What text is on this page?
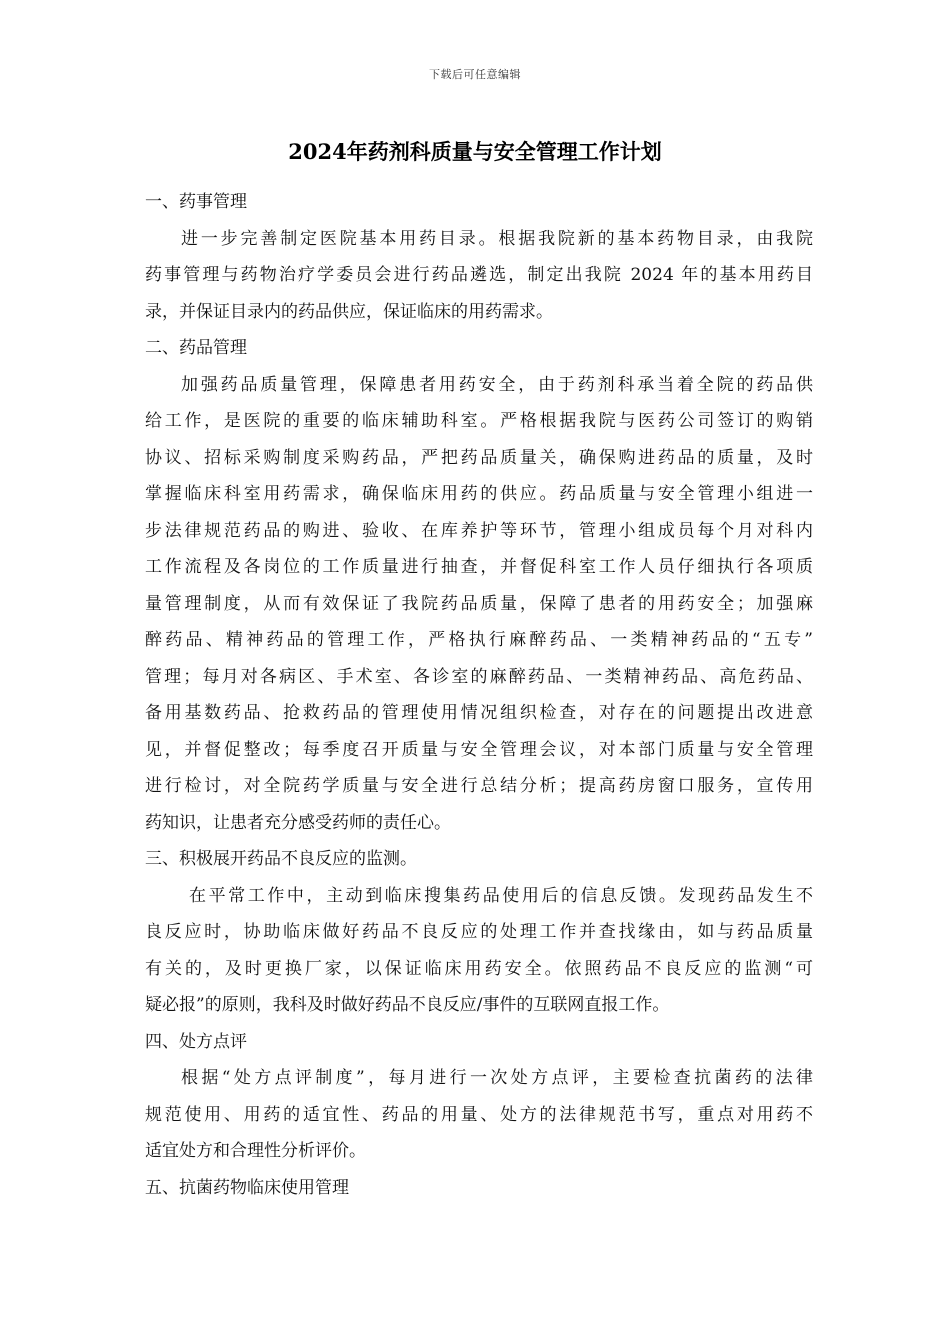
下载后可任意编辑
2024年药剂科质量与安全管理工作计划
一、药事管理
进一步完善制定医院基本用药目录。根据我院新的基本药物目录，由我院
药事管理与药物治疗学委员会进行药品遴选，制定出我院 2024 年的基本用药目
录，并保证目录内的药品供应，保证临床的用药需求。
二、药品管理
加强药品质量管理，保障患者用药安全，由于药剂科承当着全院的药品供
给工作，是医院的重要的临床辅助科室。严格根据我院与医药公司签订的购销
协议、招标采购制度采购药品，严把药品质量关，确保购进药品的质量，及时
掌握临床科室用药需求，确保临床用药的供应。药品质量与安全管理小组进一
步法律规范药品的购进、验收、在库养护等环节，管理小组成员每个月对科内
工作流程及各岗位的工作质量进行抽查，并督促科室工作人员仔细执行各项质
量管理制度，从而有效保证了我院药品质量，保障了患者的用药安全；加强麻
醉药品、精神药品的管理工作，严格执行麻醉药品、一类精神药品的“五专”
管理；每月对各病区、手术室、各诊室的麻醉药品、一类精神药品、高危药品、
备用基数药品、抢救药品的管理使用情况组织检查，对存在的问题提出改进意
见，并督促整改；每季度召开质量与安全管理会议，对本部门质量与安全管理
进行检讨，对全院药学质量与安全进行总结分析；提高药房窗口服务，宣传用
药知识，让患者充分感受药师的责任心。
三、积极展开药品不良反应的监测。
在平常工作中，主动到临床搜集药品使用后的信息反馈。发现药品发生不
良反应时，协助临床做好药品不良反应的处理工作并查找缘由，如与药品质量
有关的，及时更换厂家，以保证临床用药安全。依照药品不良反应的监测“可
疑必报”的原则，我科及时做好药品不良反应/事件的互联网直报工作。
四、处方点评
根据“处方点评制度”，每月进行一次处方点评，主要检查抗菌药的法律
规范使用、用药的适宜性、药品的用量、处方的法律规范书写，重点对用药不
适宜处方和合理性分析评价。
五、抗菌药物临床使用管理
